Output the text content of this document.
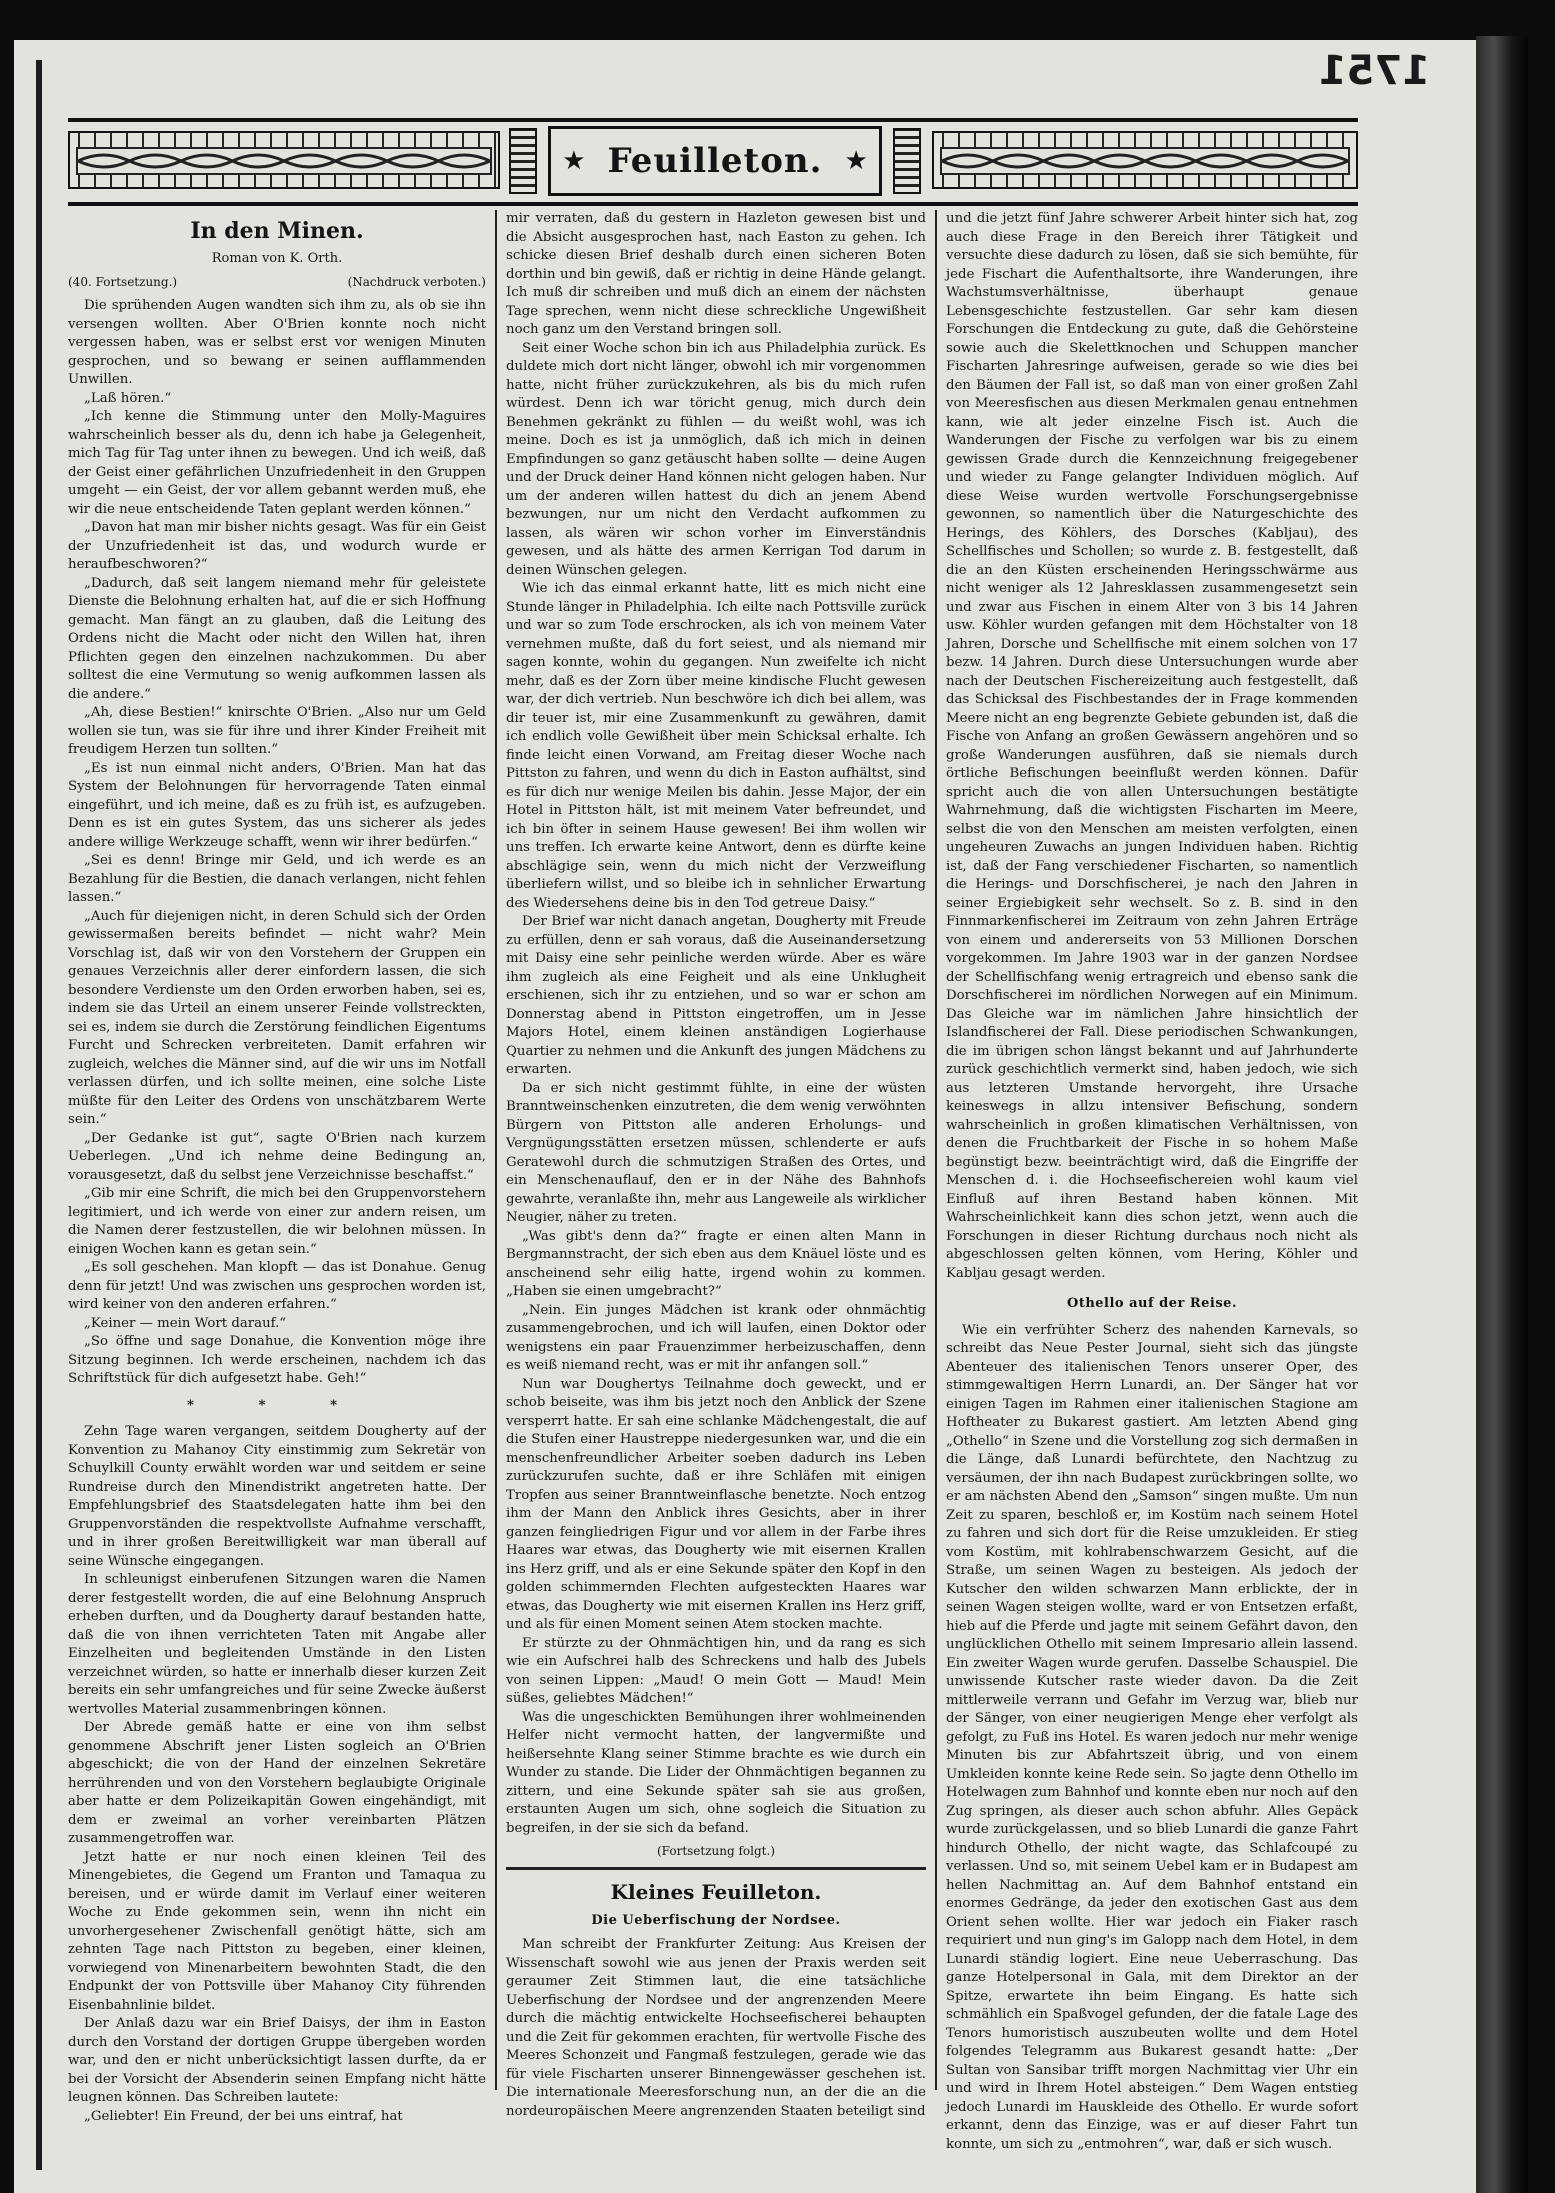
1751
★ Feuilleton. ★
In den Minen.
Roman von K. Orth.
(40. Fortsetzung.)	(Nachdruck verboten.)

Die sprühenden Augen wandten sich ihm zu, als ob sie ihn versengen wollten. Aber O'Brien konnte noch nicht vergessen haben, was er selbst erst vor wenigen Minuten gesprochen, und so bewang er seinen aufflammenden Unwillen.

„Laß hören.“

„Ich kenne die Stimmung unter den Molly-Maguires wahrscheinlich besser als du, denn ich habe ja Gelegenheit, mich Tag für Tag unter ihnen zu bewegen. Und ich weiß, daß der Geist einer gefährlichen Unzufriedenheit in den Gruppen umgeht — ein Geist, der vor allem gebannt werden muß, ehe wir die neue entscheidende Taten geplant werden können.“

„Davon hat man mir bisher nichts gesagt. Was für ein Geist der Unzufriedenheit ist das, und wodurch wurde er heraufbeschworen?“

„Dadurch, daß seit langem niemand mehr für geleistete Dienste die Belohnung erhalten hat, auf die er sich Hoffnung gemacht. Man fängt an zu glauben, daß die Leitung des Ordens nicht die Macht oder nicht den Willen hat, ihren Pflichten gegen den einzelnen nachzukommen. Du aber solltest die eine Vermutung so wenig aufkommen lassen als die andere.“

„Ah, diese Bestien!“ knirschte O'Brien. „Also nur um Geld wollen sie tun, was sie für ihre und ihrer Kinder Freiheit mit freudigem Herzen tun sollten.“

„Es ist nun einmal nicht anders, O'Brien. Man hat das System der Belohnungen für hervorragende Taten einmal eingeführt, und ich meine, daß es zu früh ist, es aufzugeben. Denn es ist ein gutes System, das uns sicherer als jedes andere willige Werkzeuge schafft, wenn wir ihrer bedürfen.“

„Sei es denn! Bringe mir Geld, und ich werde es an Bezahlung für die Bestien, die danach verlangen, nicht fehlen lassen.“

„Auch für diejenigen nicht, in deren Schuld sich der Orden gewissermaßen bereits befindet — nicht wahr? Mein Vorschlag ist, daß wir von den Vorstehern der Gruppen ein genaues Verzeichnis aller derer einfordern lassen, die sich besondere Verdienste um den Orden erworben haben, sei es, indem sie das Urteil an einem unserer Feinde vollstreckten, sei es, indem sie durch die Zerstörung feindlichen Eigentums Furcht und Schrecken verbreiteten. Damit erfahren wir zugleich, welches die Männer sind, auf die wir uns im Notfall verlassen dürfen, und ich sollte meinen, eine solche Liste müßte für den Leiter des Ordens von unschätzbarem Werte sein.“

„Der Gedanke ist gut“, sagte O'Brien nach kurzem Ueberlegen. „Und ich nehme deine Bedingung an, vorausgesetzt, daß du selbst jene Verzeichnisse beschaffst.“

„Gib mir eine Schrift, die mich bei den Gruppenvorstehern legitimiert, und ich werde von einer zur andern reisen, um die Namen derer festzustellen, die wir belohnen müssen. In einigen Wochen kann es getan sein.“

„Es soll geschehen. Man klopft — das ist Donahue. Genug denn für jetzt! Und was zwischen uns gesprochen worden ist, wird keiner von den anderen erfahren.“

„Keiner — mein Wort darauf.“

„So öffne und sage Donahue, die Konvention möge ihre Sitzung beginnen. Ich werde erscheinen, nachdem ich das Schriftstück für dich aufgesetzt habe. Geh!“

* * *

Zehn Tage waren vergangen, seitdem Dougherty auf der Konvention zu Mahanoy City einstimmig zum Sekretär von Schuylkill County erwählt worden war und seitdem er seine Rundreise durch den Minendistrikt angetreten hatte. Der Empfehlungsbrief des Staatsdelegaten hatte ihm bei den Gruppenvorständen die respektvollste Aufnahme verschafft, und in ihrer großen Bereitwilligkeit war man überall auf seine Wünsche eingegangen.

In schleunigst einberufenen Sitzungen waren die Namen derer festgestellt worden, die auf eine Belohnung Anspruch erheben durften, und da Dougherty darauf bestanden hatte, daß die von ihnen verrichteten Taten mit Angabe aller Einzelheiten und begleitenden Umstände in den Listen verzeichnet würden, so hatte er innerhalb dieser kurzen Zeit bereits ein sehr umfangreiches und für seine Zwecke äußerst wertvolles Material zusammenbringen können.

Der Abrede gemäß hatte er eine von ihm selbst genommene Abschrift jener Listen sogleich an O'Brien abgeschickt; die von der Hand der einzelnen Sekretäre herrührenden und von den Vorstehern beglaubigte Originale aber hatte er dem Polizeikapitän Gowen eingehändigt, mit dem er zweimal an vorher vereinbarten Plätzen zusammengetroffen war.

Jetzt hatte er nur noch einen kleinen Teil des Minengebietes, die Gegend um Franton und Tamaqua zu bereisen, und er würde damit im Verlauf einer weiteren Woche zu Ende gekommen sein, wenn ihn nicht ein unvorhergesehener Zwischenfall genötigt hätte, sich am zehnten Tage nach Pittston zu begeben, einer kleinen, vorwiegend von Minenarbeitern bewohnten Stadt, die den Endpunkt der von Pottsville über Mahanoy City führenden Eisenbahnlinie bildet.

Der Anlaß dazu war ein Brief Daisys, der ihm in Easton durch den Vorstand der dortigen Gruppe übergeben worden war, und den er nicht unberücksichtigt lassen durfte, da er bei der Vorsicht der Absenderin seinen Empfang nicht hätte leugnen können. Das Schreiben lautete:

„Geliebter! Ein Freund, der bei uns eintraf, hat

mir verraten, daß du gestern in Hazleton gewesen bist und die Absicht ausgesprochen hast, nach Easton zu gehen. Ich schicke diesen Brief deshalb durch einen sicheren Boten dorthin und bin gewiß, daß er richtig in deine Hände gelangt. Ich muß dir schreiben und muß dich an einem der nächsten Tage sprechen, wenn nicht diese schreckliche Ungewißheit noch ganz um den Verstand bringen soll.

Seit einer Woche schon bin ich aus Philadelphia zurück. Es duldete mich dort nicht länger, obwohl ich mir vorgenommen hatte, nicht früher zurückzukehren, als bis du mich rufen würdest. Denn ich war töricht genug, mich durch dein Benehmen gekränkt zu fühlen — du weißt wohl, was ich meine. Doch es ist ja unmöglich, daß ich mich in deinen Empfindungen so ganz getäuscht haben sollte — deine Augen und der Druck deiner Hand können nicht gelogen haben. Nur um der anderen willen hattest du dich an jenem Abend bezwungen, nur um nicht den Verdacht aufkommen zu lassen, als wären wir schon vorher im Einverständnis gewesen, und als hätte des armen Kerrigan Tod darum in deinen Wünschen gelegen.

Wie ich das einmal erkannt hatte, litt es mich nicht eine Stunde länger in Philadelphia. Ich eilte nach Pottsville zurück und war so zum Tode erschrocken, als ich von meinem Vater vernehmen mußte, daß du fort seiest, und als niemand mir sagen konnte, wohin du gegangen. Nun zweifelte ich nicht mehr, daß es der Zorn über meine kindische Flucht gewesen war, der dich vertrieb. Nun beschwöre ich dich bei allem, was dir teuer ist, mir eine Zusammenkunft zu gewähren, damit ich endlich volle Gewißheit über mein Schicksal erhalte. Ich finde leicht einen Vorwand, am Freitag dieser Woche nach Pittston zu fahren, und wenn du dich in Easton aufhältst, sind es für dich nur wenige Meilen bis dahin. Jesse Major, der ein Hotel in Pittston hält, ist mit meinem Vater befreundet, und ich bin öfter in seinem Hause gewesen! Bei ihm wollen wir uns treffen. Ich erwarte keine Antwort, denn es dürfte keine abschlägige sein, wenn du mich nicht der Verzweiflung überliefern willst, und so bleibe ich in sehnlicher Erwartung des Wiedersehens deine bis in den Tod getreue Daisy.“

Der Brief war nicht danach angetan, Dougherty mit Freude zu erfüllen, denn er sah voraus, daß die Auseinandersetzung mit Daisy eine sehr peinliche werden würde. Aber es wäre ihm zugleich als eine Feigheit und als eine Unklugheit erschienen, sich ihr zu entziehen, und so war er schon am Donnerstag abend in Pittston eingetroffen, um in Jesse Majors Hotel, einem kleinen anständigen Logierhause Quartier zu nehmen und die Ankunft des jungen Mädchens zu erwarten.

Da er sich nicht gestimmt fühlte, in eine der wüsten Branntweinschenken einzutreten, die dem wenig verwöhnten Bürgern von Pittston alle anderen Erholungs- und Vergnügungsstätten ersetzen müssen, schlenderte er aufs Geratewohl durch die schmutzigen Straßen des Ortes, und ein Menschenauflauf, den er in der Nähe des Bahnhofs gewahrte, veranlaßte ihn, mehr aus Langeweile als wirklicher Neugier, näher zu treten.

„Was gibt's denn da?“ fragte er einen alten Mann in Bergmannstracht, der sich eben aus dem Knäuel löste und es anscheinend sehr eilig hatte, irgend wohin zu kommen. „Haben sie einen umgebracht?“

„Nein. Ein junges Mädchen ist krank oder ohnmächtig zusammengebrochen, und ich will laufen, einen Doktor oder wenigstens ein paar Frauenzimmer herbeizuschaffen, denn es weiß niemand recht, was er mit ihr anfangen soll.“

Nun war Doughertys Teilnahme doch geweckt, und er schob beiseite, was ihm bis jetzt noch den Anblick der Szene versperrt hatte. Er sah eine schlanke Mädchengestalt, die auf die Stufen einer Haustreppe niedergesunken war, und die ein menschenfreundlicher Arbeiter soeben dadurch ins Leben zurückzurufen suchte, daß er ihre Schläfen mit einigen Tropfen aus seiner Branntweinflasche benetzte. Noch entzog ihm der Mann den Anblick ihres Gesichts, aber in ihrer ganzen feingliedrigen Figur und vor allem in der Farbe ihres Haares war etwas, das Dougherty wie mit eisernen Krallen ins Herz griff, und als er eine Sekunde später den Kopf in den golden schimmernden Flechten aufgesteckten Haares war etwas, das Dougherty wie mit eisernen Krallen ins Herz griff, und als für einen Moment seinen Atem stocken machte.

Er stürzte zu der Ohnmächtigen hin, und da rang es sich wie ein Aufschrei halb des Schreckens und halb des Jubels von seinen Lippen: „Maud! O mein Gott — Maud! Mein süßes, geliebtes Mädchen!“

Was die ungeschickten Bemühungen ihrer wohlmeinenden Helfer nicht vermocht hatten, der langvermißte und heißersehnte Klang seiner Stimme brachte es wie durch ein Wunder zu stande. Die Lider der Ohnmächtigen begannen zu zittern, und eine Sekunde später sah sie aus großen, erstaunten Augen um sich, ohne sogleich die Situation zu begreifen, in der sie sich da befand.

(Fortsetzung folgt.)
Kleines Feuilleton.
Die Ueberfischung der Nordsee.

Man schreibt der Frankfurter Zeitung: Aus Kreisen der Wissenschaft sowohl wie aus jenen der Praxis werden seit geraumer Zeit Stimmen laut, die eine tatsächliche Ueberfischung der Nordsee und der angrenzenden Meere durch die mächtig entwickelte Hochseefischerei behaupten und die Zeit für gekommen erachten, für wertvolle Fische des Meeres Schonzeit und Fangmaß festzulegen, gerade wie das für viele Fischarten unserer Binnengewässer geschehen ist. Die internationale Meeresforschung nun, an der die an die nordeuropäischen Meere angrenzenden Staaten beteiligt sind

und die jetzt fünf Jahre schwerer Arbeit hinter sich hat, zog auch diese Frage in den Bereich ihrer Tätigkeit und versuchte diese dadurch zu lösen, daß sie sich bemühte, für jede Fischart die Aufenthaltsorte, ihre Wanderungen, ihre Wachstumsverhältnisse, überhaupt genaue Lebensgeschichte festzustellen. Gar sehr kam diesen Forschungen die Entdeckung zu gute, daß die Gehörsteine sowie auch die Skelettknochen und Schuppen mancher Fischarten Jahresringe aufweisen, gerade so wie dies bei den Bäumen der Fall ist, so daß man von einer großen Zahl von Meeresfischen aus diesen Merkmalen genau entnehmen kann, wie alt jeder einzelne Fisch ist. Auch die Wanderungen der Fische zu verfolgen war bis zu einem gewissen Grade durch die Kennzeichnung freigegebener und wieder zu Fange gelangter Individuen möglich. Auf diese Weise wurden wertvolle Forschungsergebnisse gewonnen, so namentlich über die Naturgeschichte des Herings, des Köhlers, des Dorsches (Kabljau), des Schellfisches und Schollen; so wurde z. B. festgestellt, daß die an den Küsten erscheinenden Heringsschwärme aus nicht weniger als 12 Jahresklassen zusammengesetzt sein und zwar aus Fischen in einem Alter von 3 bis 14 Jahren usw. Köhler wurden gefangen mit dem Höchstalter von 18 Jahren, Dorsche und Schellfische mit einem solchen von 17 bezw. 14 Jahren. Durch diese Untersuchungen wurde aber nach der Deutschen Fischereizeitung auch festgestellt, daß das Schicksal des Fischbestandes der in Frage kommenden Meere nicht an eng begrenzte Gebiete gebunden ist, daß die Fische von Anfang an großen Gewässern angehören und so große Wanderungen ausführen, daß sie niemals durch örtliche Befischungen beeinflußt werden können. Dafür spricht auch die von allen Untersuchungen bestätigte Wahrnehmung, daß die wichtigsten Fischarten im Meere, selbst die von den Menschen am meisten verfolgten, einen ungeheuren Zuwachs an jungen Individuen haben. Richtig ist, daß der Fang verschiedener Fischarten, so namentlich die Herings- und Dorschfischerei, je nach den Jahren in seiner Ergiebigkeit sehr wechselt. So z. B. sind in den Finnmarkenfischerei im Zeitraum von zehn Jahren Erträge von einem und andererseits von 53 Millionen Dorschen vorgekommen. Im Jahre 1903 war in der ganzen Nordsee der Schellfischfang wenig ertragreich und ebenso sank die Dorschfischerei im nördlichen Norwegen auf ein Minimum. Das Gleiche war im nämlichen Jahre hinsichtlich der Islandfischerei der Fall. Diese periodischen Schwankungen, die im übrigen schon längst bekannt und auf Jahrhunderte zurück geschichtlich vermerkt sind, haben jedoch, wie sich aus letzteren Umstande hervorgeht, ihre Ursache keineswegs in allzu intensiver Befischung, sondern wahrscheinlich in großen klimatischen Verhältnissen, von denen die Fruchtbarkeit der Fische in so hohem Maße begünstigt bezw. beeinträchtigt wird, daß die Eingriffe der Menschen d. i. die Hochseefischereien wohl kaum viel Einfluß auf ihren Bestand haben können. Mit Wahrscheinlichkeit kann dies schon jetzt, wenn auch die Forschungen in dieser Richtung durchaus noch nicht als abgeschlossen gelten können, vom Hering, Köhler und Kabljau gesagt werden.

Othello auf der Reise.

Wie ein verfrühter Scherz des nahenden Karnevals, so schreibt das Neue Pester Journal, sieht sich das jüngste Abenteuer des italienischen Tenors unserer Oper, des stimmgewaltigen Herrn Lunardi, an. Der Sänger hat vor einigen Tagen im Rahmen einer italienischen Stagione am Hoftheater zu Bukarest gastiert. Am letzten Abend ging „Othello“ in Szene und die Vorstellung zog sich dermaßen in die Länge, daß Lunardi befürchtete, den Nachtzug zu versäumen, der ihn nach Budapest zurückbringen sollte, wo er am nächsten Abend den „Samson“ singen mußte. Um nun Zeit zu sparen, beschloß er, im Kostüm nach seinem Hotel zu fahren und sich dort für die Reise umzukleiden. Er stieg vom Kostüm, mit kohlrabenschwarzem Gesicht, auf die Straße, um seinen Wagen zu besteigen. Als jedoch der Kutscher den wilden schwarzen Mann erblickte, der in seinen Wagen steigen wollte, ward er von Entsetzen erfaßt, hieb auf die Pferde und jagte mit seinem Gefährt davon, den unglücklichen Othello mit seinem Impresario allein lassend. Ein zweiter Wagen wurde gerufen. Dasselbe Schauspiel. Die unwissende Kutscher raste wieder davon. Da die Zeit mittlerweile verrann und Gefahr im Verzug war, blieb nur der Sänger, von einer neugierigen Menge eher verfolgt als gefolgt, zu Fuß ins Hotel. Es waren jedoch nur mehr wenige Minuten bis zur Abfahrtszeit übrig, und von einem Umkleiden konnte keine Rede sein. So jagte denn Othello im Hotelwagen zum Bahnhof und konnte eben nur noch auf den Zug springen, als dieser auch schon abfuhr. Alles Gepäck wurde zurückgelassen, und so blieb Lunardi die ganze Fahrt hindurch Othello, der nicht wagte, das Schlafcoupé zu verlassen. Und so, mit seinem Uebel kam er in Budapest am hellen Nachmittag an. Auf dem Bahnhof entstand ein enormes Gedränge, da jeder den exotischen Gast aus dem Orient sehen wollte. Hier war jedoch ein Fiaker rasch requiriert und nun ging's im Galopp nach dem Hotel, in dem Lunardi ständig logiert. Eine neue Ueberraschung. Das ganze Hotelpersonal in Gala, mit dem Direktor an der Spitze, erwartete ihn beim Eingang. Es hatte sich schmählich ein Spaßvogel gefunden, der die fatale Lage des Tenors humoristisch auszubeuten wollte und dem Hotel folgendes Telegramm aus Bukarest gesandt hatte: „Der Sultan von Sansibar trifft morgen Nachmittag vier Uhr ein und wird in Ihrem Hotel absteigen.“ Dem Wagen entstieg jedoch Lunardi im Hauskleide des Othello. Er wurde sofort erkannt, denn das Einzige, was er auf dieser Fahrt tun konnte, um sich zu „entmohren“, war, daß er sich wusch.
